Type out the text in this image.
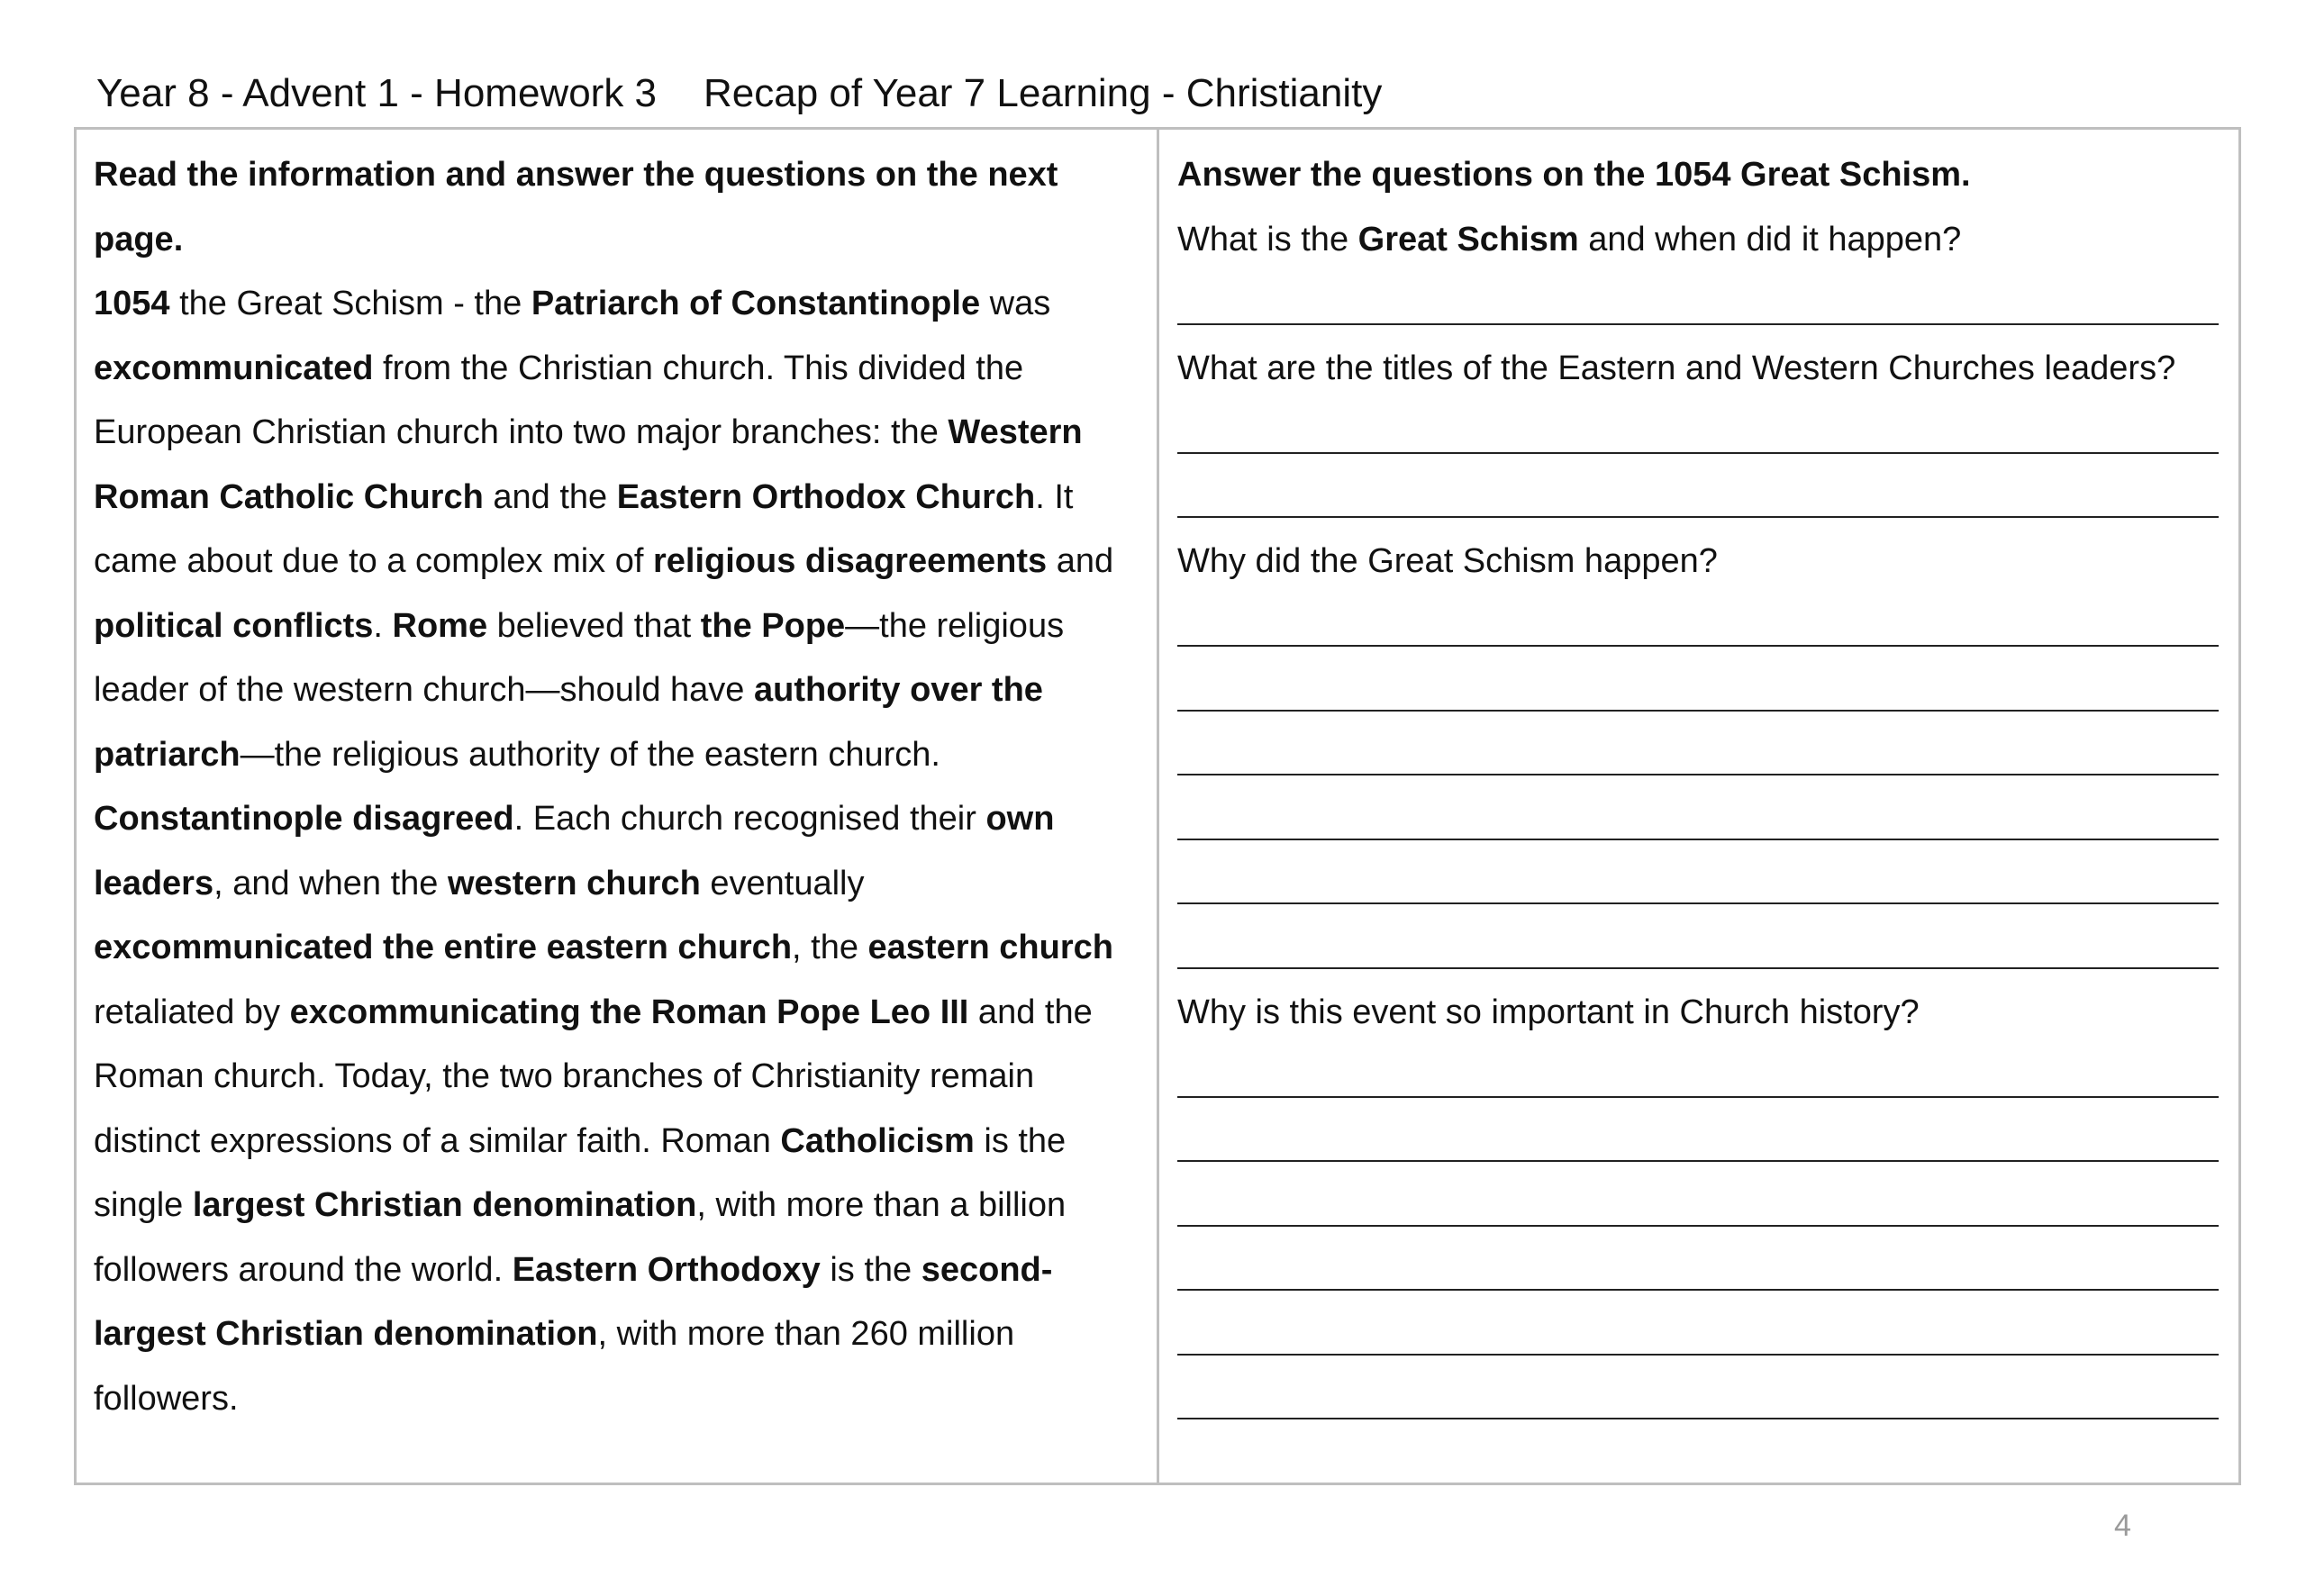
Year 8 - Advent 1 - Homework 3 Recap of Year 7 Learning - Christianity

Read the information and answer the questions on the next page.
1054 the Great Schism - the Patriarch of Constantinople was excommunicated from the Christian church. This divided the European Christian church into two major branches: the Western Roman Catholic Church and the Eastern Orthodox Church. It came about due to a complex mix of religious disagreements and political conflicts. Rome believed that the Pope—the religious leader of the western church—should have authority over the patriarch—the religious authority of the eastern church. Constantinople disagreed. Each church recognised their own leaders, and when the western church eventually excommunicated the entire eastern church, the eastern church retaliated by excommunicating the Roman Pope Leo III and the Roman church. Today, the two branches of Christianity remain distinct expressions of a similar faith. Roman Catholicism is the single largest Christian denomination, with more than a billion followers around the world. Eastern Orthodoxy is the second-largest Christian denomination, with more than 260 million followers.

Answer the questions on the 1054 Great Schism.

What is the Great Schism and when did it happen?

What are the titles of the Eastern and Western Churches leaders?

Why did the Great Schism happen?

Why is this event so important in Church history?

4
